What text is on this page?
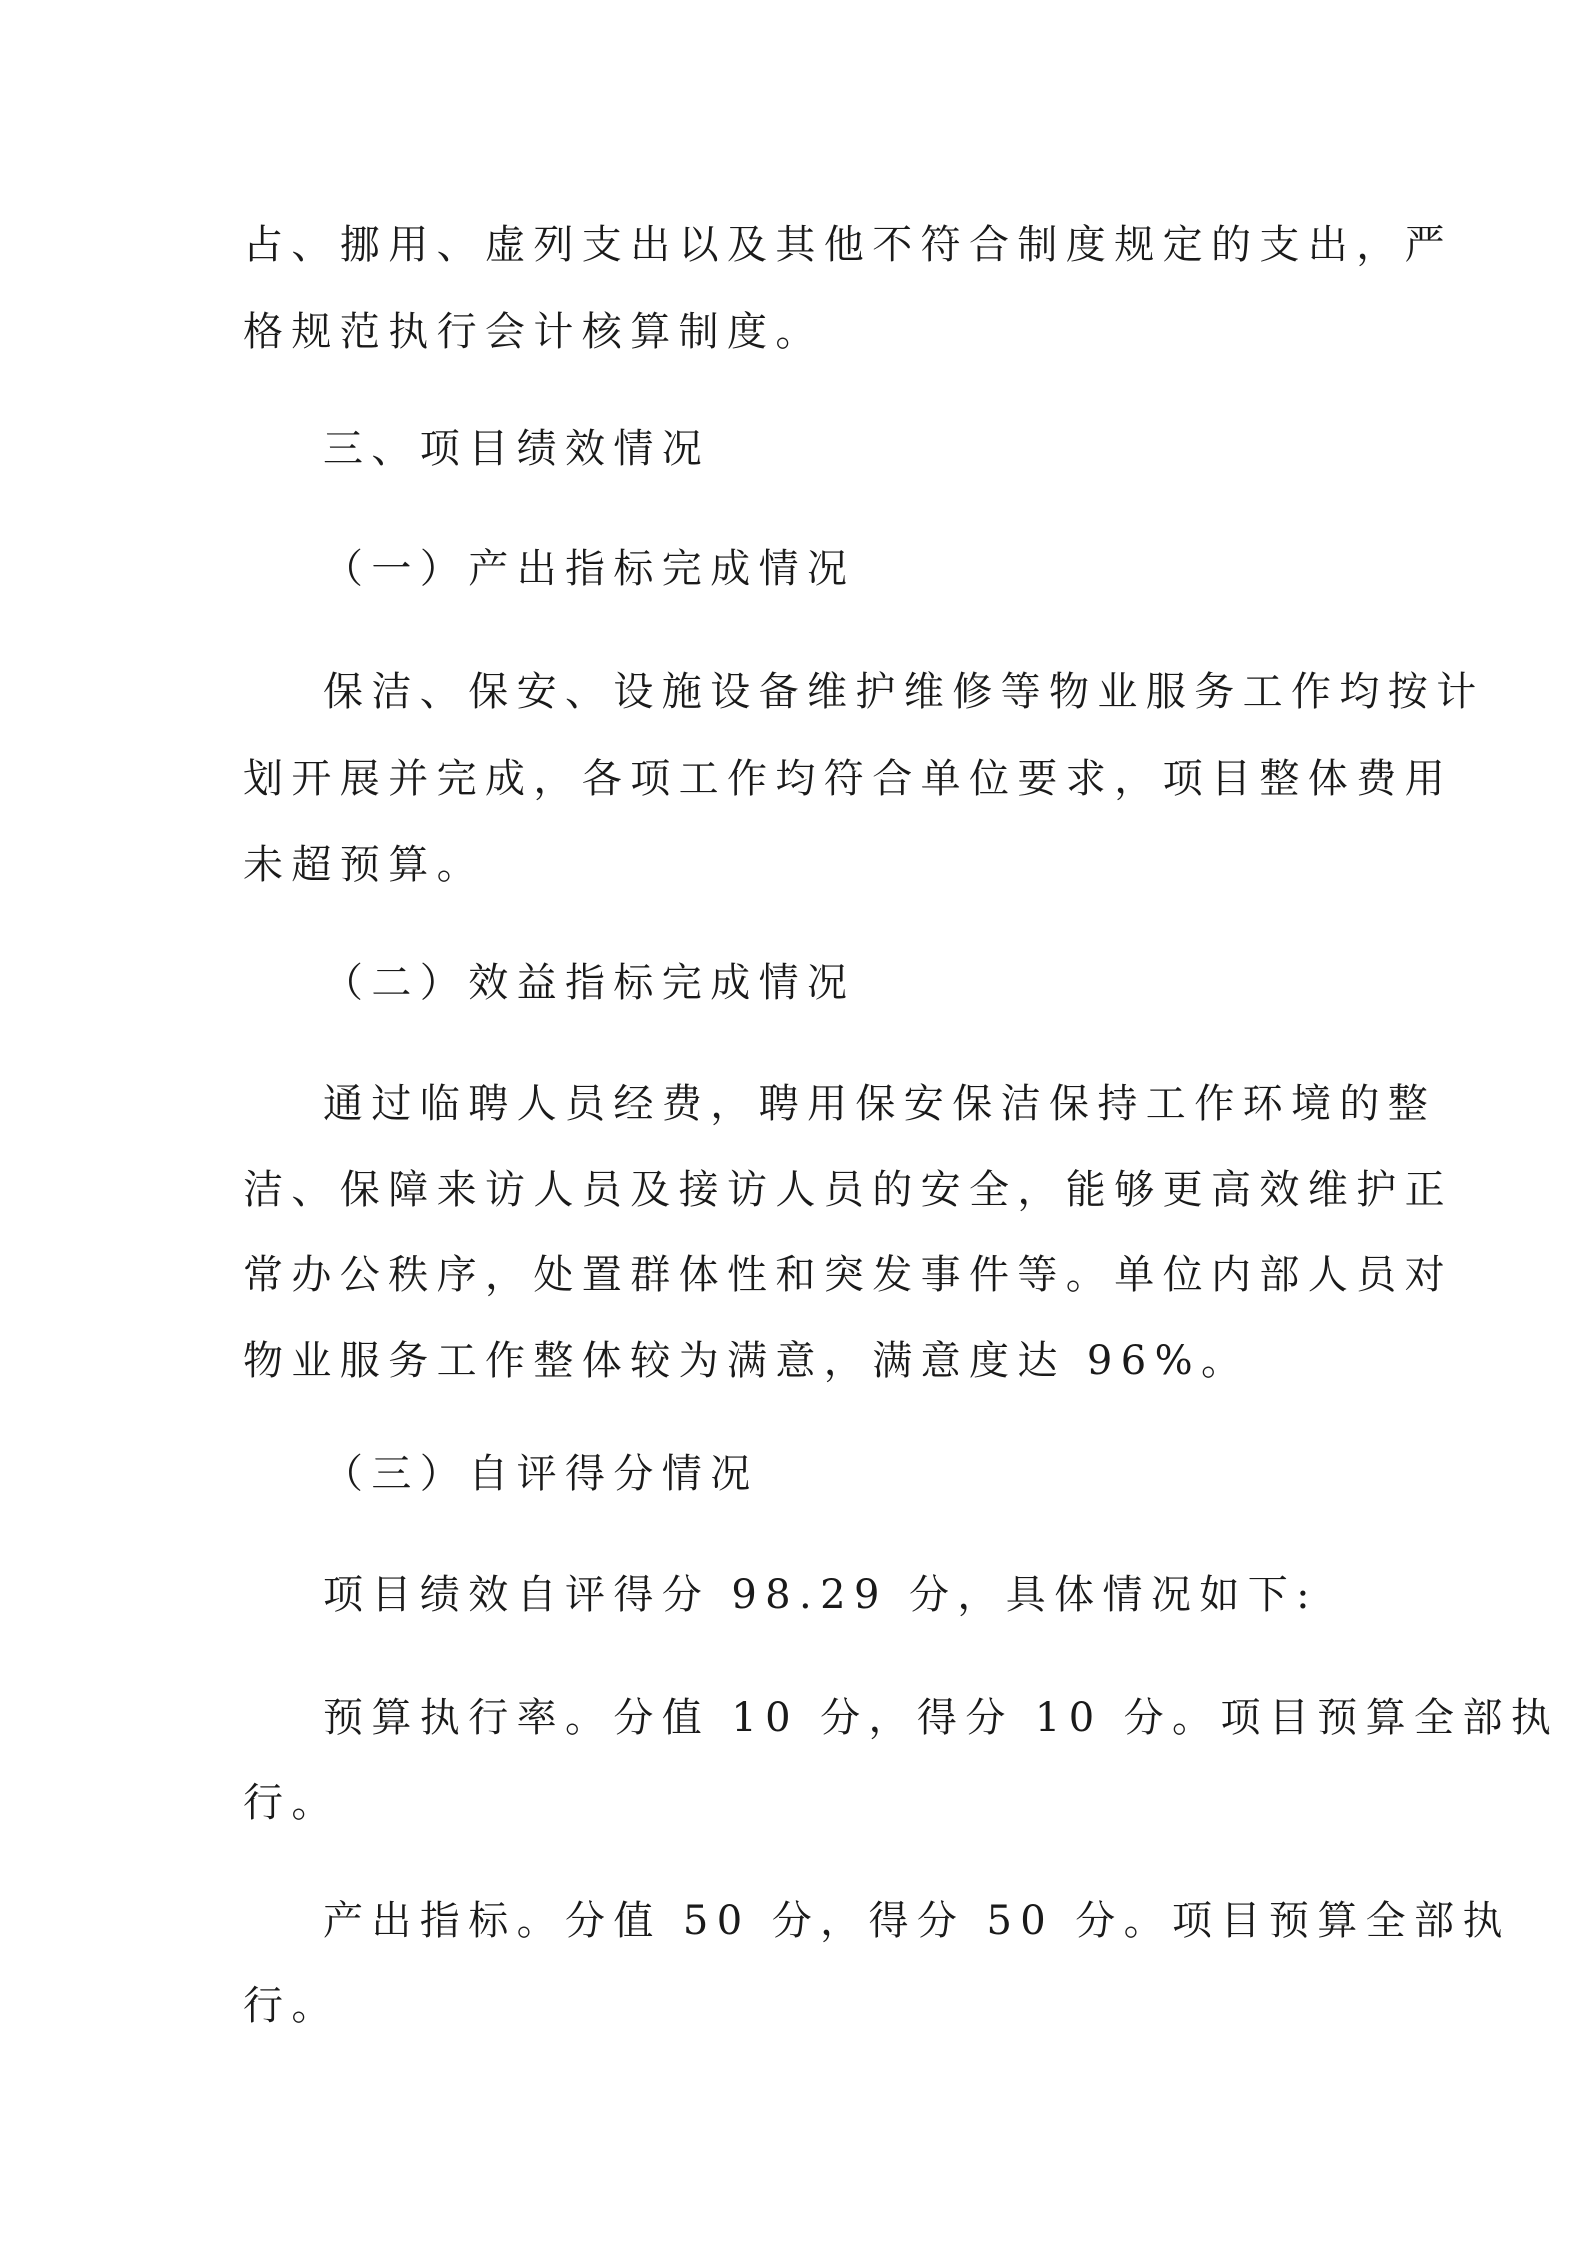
占、挪用、虚列支出以及其他不符合制度规定的支出，严
格规范执行会计核算制度。
三、项目绩效情况
（一）产出指标完成情况
保洁、保安、设施设备维护维修等物业服务工作均按计
划开展并完成，各项工作均符合单位要求，项目整体费用
未超预算。
（二）效益指标完成情况
通过临聘人员经费，聘用保安保洁保持工作环境的整
洁、保障来访人员及接访人员的安全，能够更高效维护正
常办公秩序，处置群体性和突发事件等。单位内部人员对
物业服务工作整体较为满意，满意度达 96%。
（三）自评得分情况
项目绩效自评得分 98.29 分，具体情况如下:
预算执行率。分值 10 分，得分 10 分。项目预算全部执
行。
产出指标。分值 50 分，得分 50 分。项目预算全部执
行。
